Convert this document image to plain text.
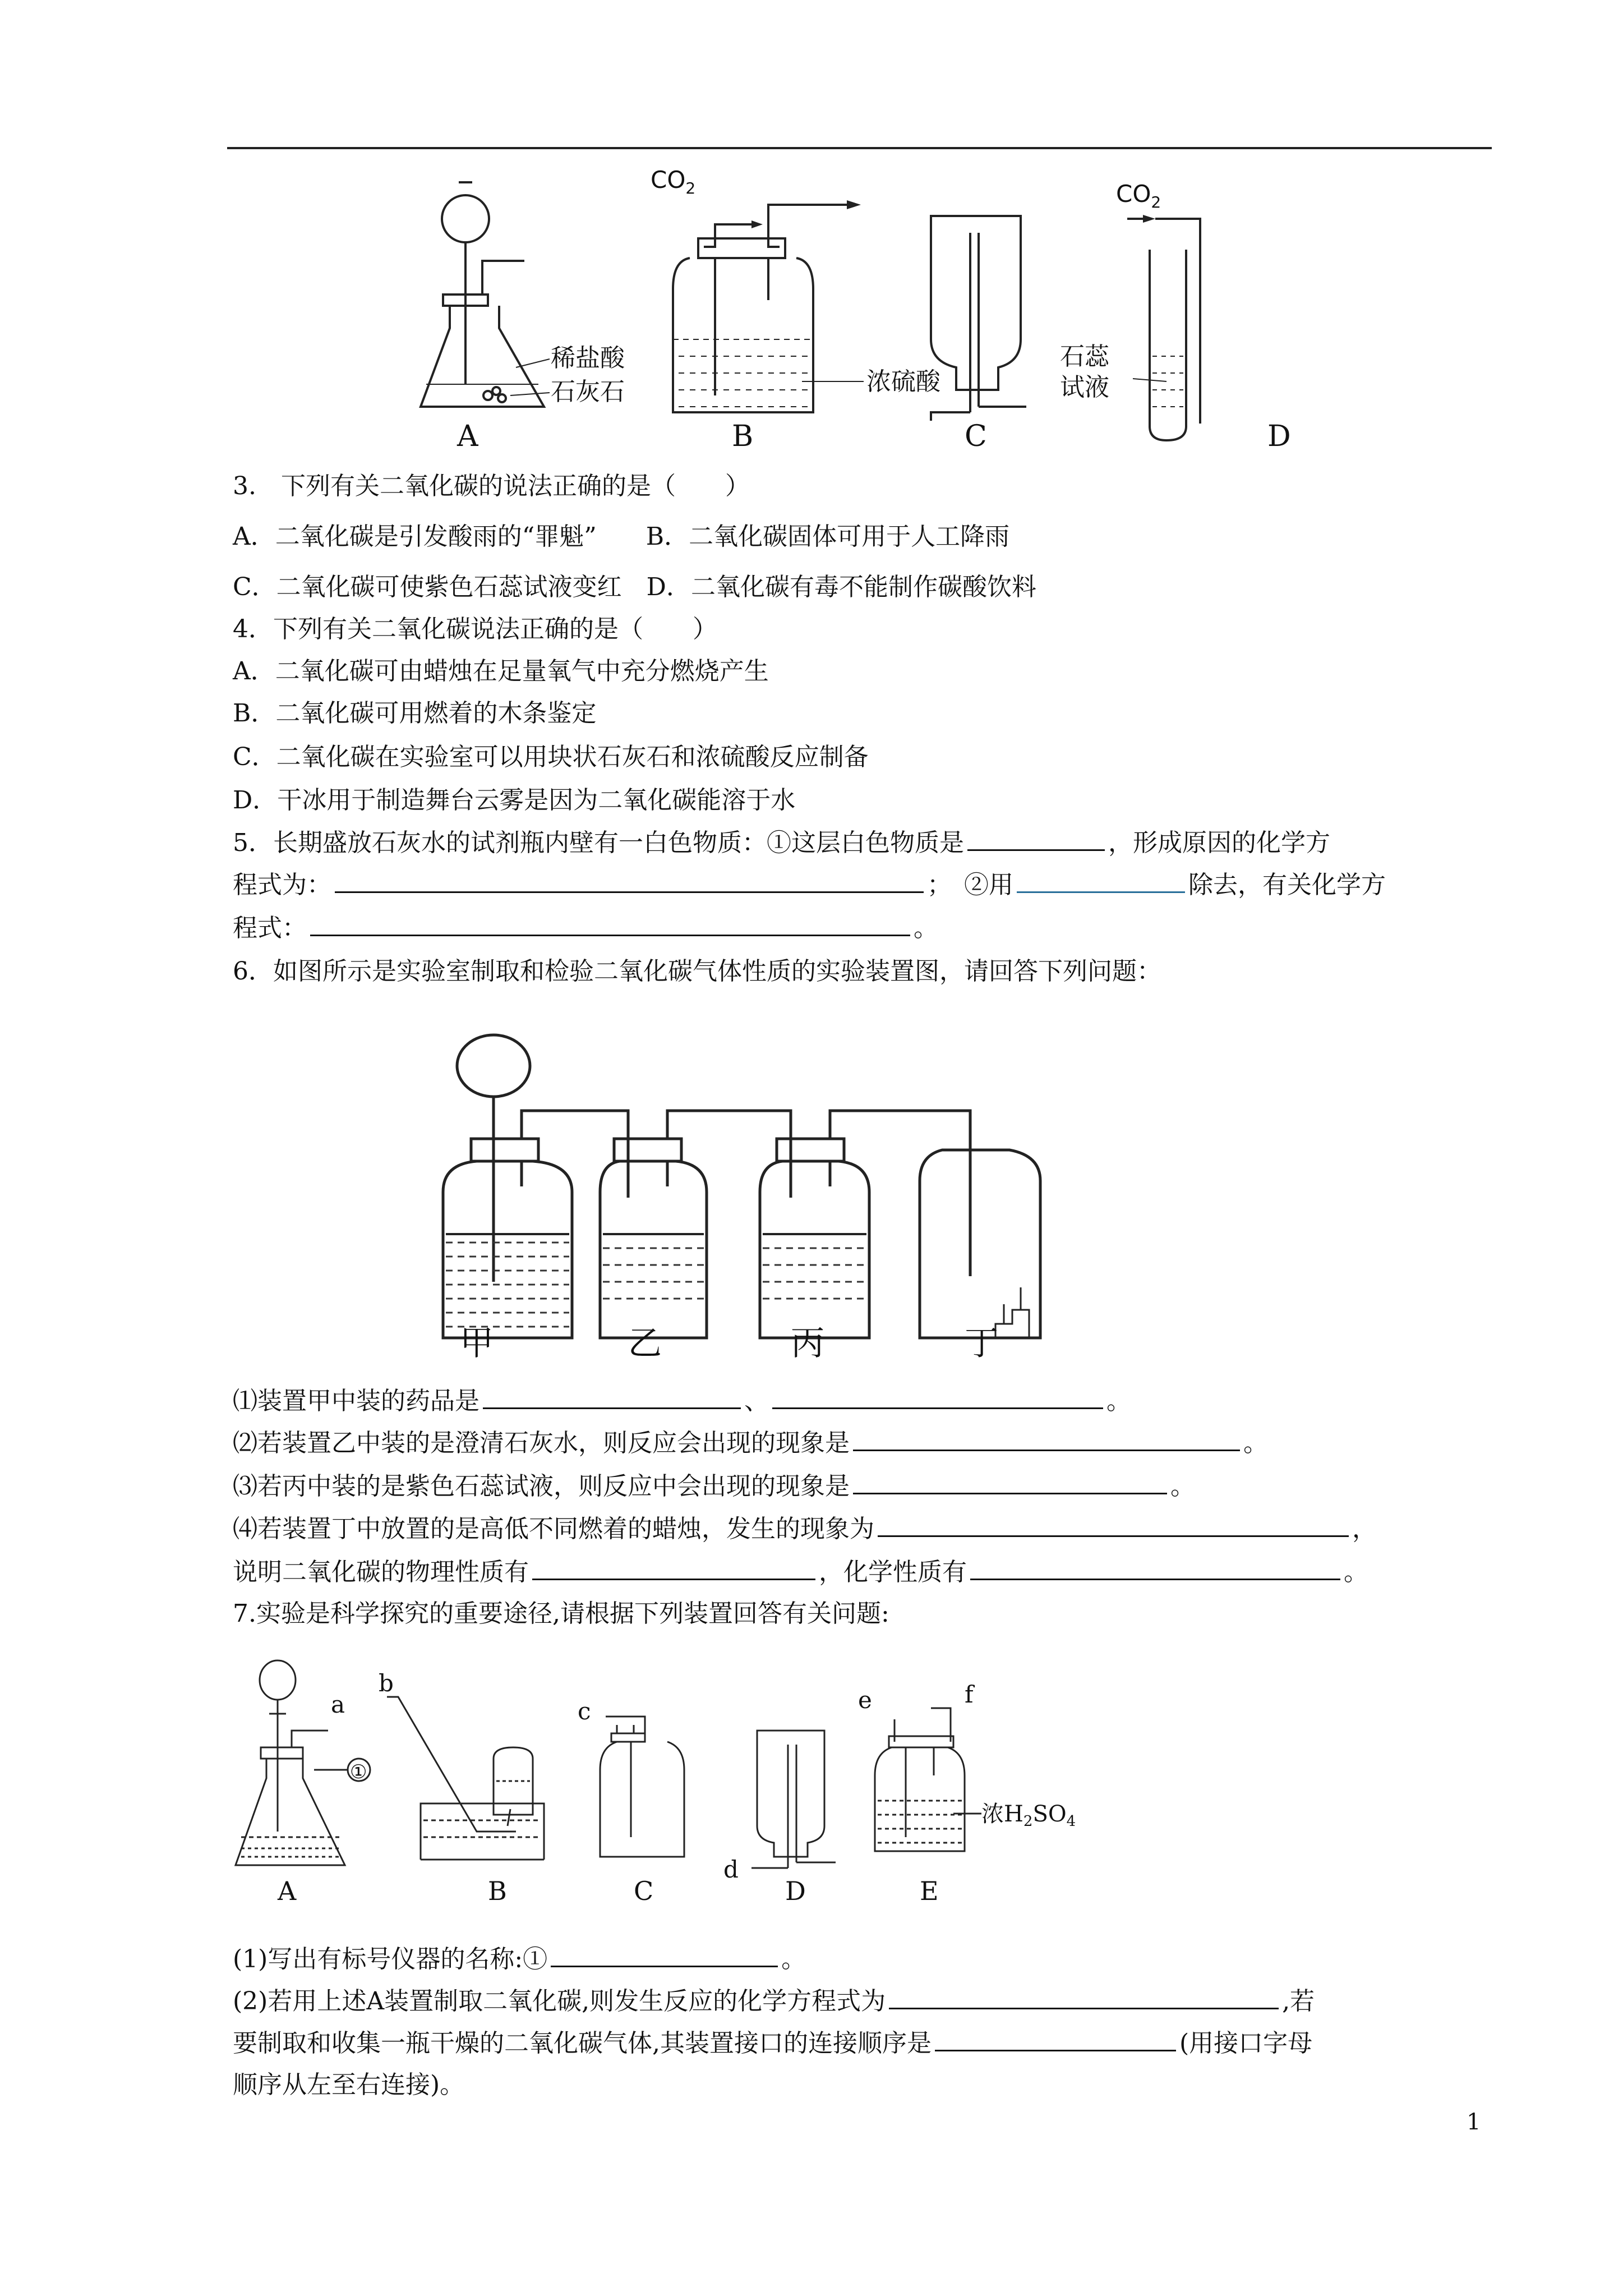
$CO_2$	$CO_2$
稀盐酸
石灰石	浓硫酸
石蕊
试液
A	B	C	D
3.　下列有关二氧化碳的说法正确的是（　　）
A．二氧化碳是引发酸雨的“罪魁”　　B．二氧化碳固体可用于人工降雨
C．二氧化碳可使紫色石蕊试液变红　D．二氧化碳有毒不能制作碳酸饮料
4．下列有关二氧化碳说法正确的是（　　）
A．二氧化碳可由蜡烛在足量氧气中充分燃烧产生
B．二氧化碳可用燃着的木条鉴定
C．二氧化碳在实验室可以用块状石灰石和浓硫酸反应制备
D．干冰用于制造舞台云雾是因为二氧化碳能溶于水
5．长期盛放石灰水的试剂瓶内壁有一白色物质：①这层白色物质是	，形成原因的化学方
程式为：	；　②用	除去，有关化学方
程式：	。
6．如图所示是实验室制取和检验二氧化碳气体性质的实验装置图，请回答下列问题：
甲	乙	丙	丁
⑴装置甲中装的药品是	、	。
⑵若装置乙中装的是澄清石灰水，则反应会出现的现象是	。
⑶若丙中装的是紫色石蕊试液，则反应中会出现的现象是	。
⑷若装置丁中放置的是高低不同燃着的蜡烛，发生的现象为	，
说明二氧化碳的物理性质有	，化学性质有	。
7.实验是科学探究的重要途径,请根据下列装置回答有关问题:
a
b
c
d
e	f
①
浓$H_2SO_4$
A	B	C	D	E
(1)写出有标号仪器的名称:①	。
(2)若用上述A装置制取二氧化碳,则发生反应的化学方程式为	,若
要制取和收集一瓶干燥的二氧化碳气体,其装置接口的连接顺序是	(用接口字母
顺序从左至右连接)。
1
